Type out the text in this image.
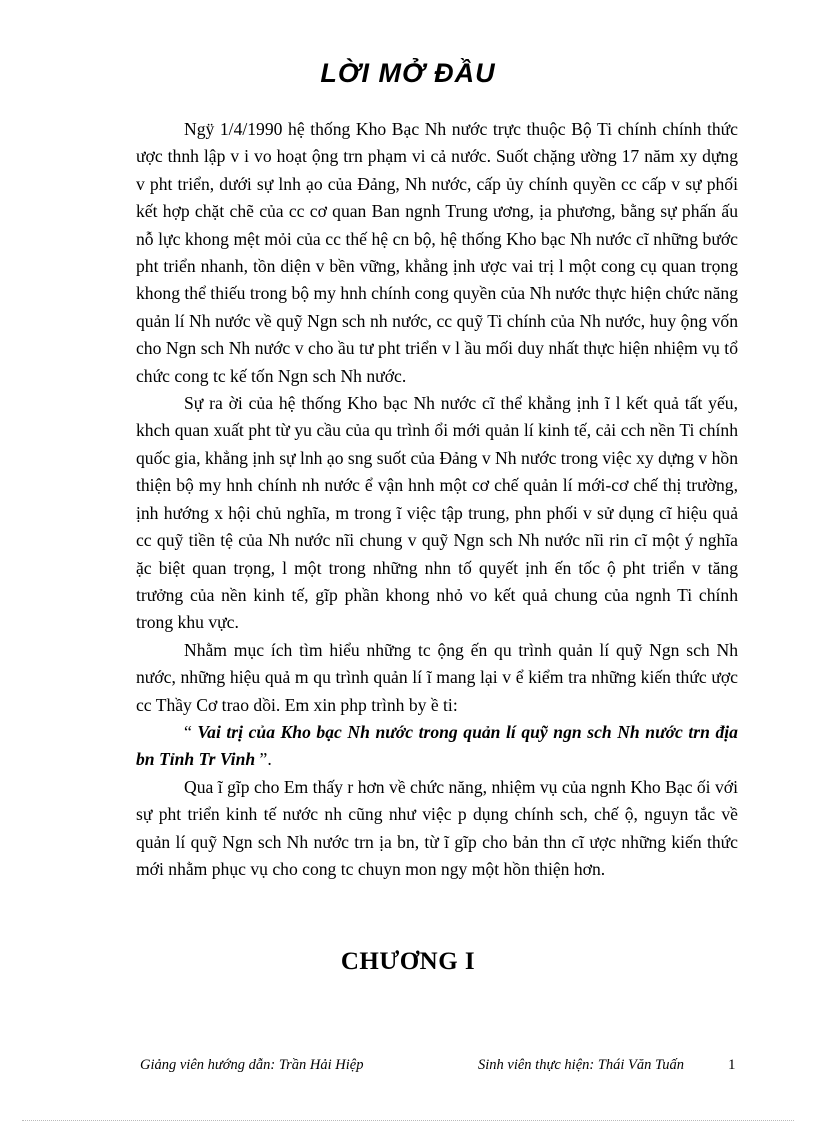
LỜI MỞ ĐẦU

Ngÿ 1/4/1990 hệ thống Kho Bạc Nh nước trực thuộc Bộ Ti chính chính thức ược thnh lập v i vo hoạt ộng trn phạm vi cả nước. Suốt chặng ường 17 năm xy dựng v pht triển, dưới sự lnh ạo của Đảng, Nh nước, cấp ủy chính quyền cc cấp v sự phối kết hợp chặt chẽ của cc cơ quan Ban ngnh Trung ương, ịa phương, bằng sự phấn ấu nỗ lực khong mệt mỏi của cc thế hệ cn bộ, hệ thống Kho bạc Nh nước cĩ những bước pht triển nhanh, tồn diện v bền vững, khẳng ịnh ược vai trị l một cong cụ quan trọng khong thể thiếu trong bộ my hnh chính cong quyền của Nh nước thực hiện chức năng quản lí Nh nước về quỹ Ngn sch nh nước, cc quỹ Ti chính của Nh nước, huy ộng vốn cho Ngn sch Nh nước v cho ầu tư pht triển v l ầu mối duy nhất thực hiện nhiệm vụ tổ chức cong tc kế tốn Ngn sch Nh nước.

Sự ra ời của hệ thống Kho bạc Nh nước cĩ thể khẳng ịnh ĩ l kết quả tất yếu, khch quan xuất pht từ yu cầu của qu trình ổi mới quản lí kinh tế, cải cch nền Ti chính quốc gia, khẳng ịnh sự lnh ạo sng suốt của Đảng v Nh nước trong việc xy dựng v hồn thiện bộ my hnh chính nh nước ể vận hnh một cơ chế quản lí mới-cơ chế thị trường, ịnh hướng x hội chủ nghĩa, m trong ĩ việc tập trung, phn phối v sử dụng cĩ hiệu quả cc quỹ tiền tệ của Nh nước nĩi chung v quỹ Ngn sch Nh nước nĩi rin cĩ một ý nghĩa ặc biệt quan trọng, l một trong những nhn tố quyết ịnh ến tốc ộ pht triển v tăng trưởng của nền kinh tế, gĩp phần khong nhỏ vo kết quả chung của ngnh Ti chính trong khu vực.

Nhằm mục ích tìm hiểu những tc ộng ến qu trình quản lí quỹ Ngn sch Nh nước, những hiệu quả m qu trình quản lí ĩ mang lại v ể kiểm tra những kiến thức ược cc Thầy Cơ trao dồi. Em xin php trình by ề ti:

“ Vai trị của Kho bạc Nh nước trong quản lí quỹ ngn sch Nh nước trn địa bn Tỉnh Tr Vinh ”.

Qua ĩ gĩp cho Em thấy r hơn về chức năng, nhiệm vụ của ngnh Kho Bạc ối với sự pht triển kinh tế nước nh cũng như việc p dụng chính sch, chế ộ, nguyn tắc về quản lí quỹ Ngn sch Nh nước trn ịa bn, từ ĩ gĩp cho bản thn cĩ ược những kiến thức mới nhằm phục vụ cho cong tc chuyn mon ngy một hồn thiện hơn.

CHƯƠNG I
Giảng viên hướng dẫn: Trần Hải Hiệp	Sinh viên thực hiện: Thái Văn Tuấn	1
